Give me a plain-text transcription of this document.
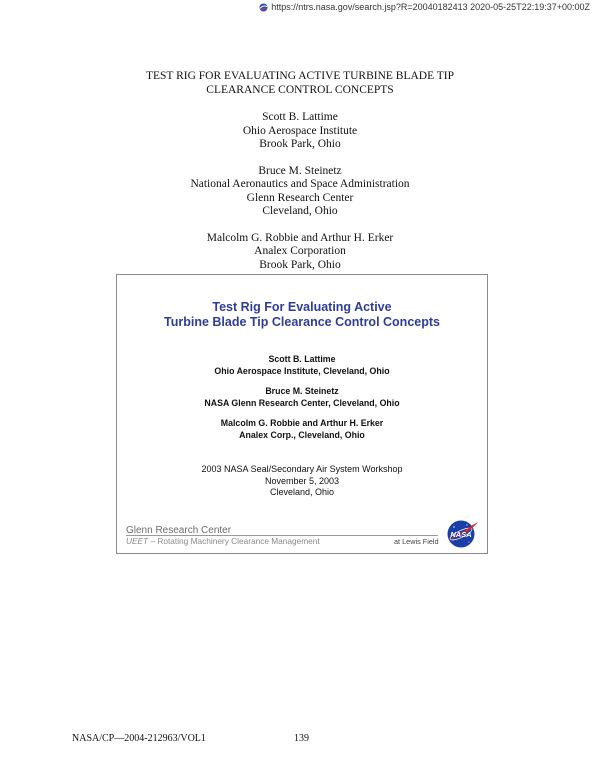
https://ntrs.nasa.gov/search.jsp?R=20040182413 2020-05-25T22:19:37+00:00Z
TEST RIG FOR EVALUATING ACTIVE TURBINE BLADE TIP
CLEARANCE CONTROL CONCEPTS
Scott B. Lattime
Ohio Aerospace Institute
Brook Park, Ohio
Bruce M. Steinetz
National Aeronautics and Space Administration
Glenn Research Center
Cleveland, Ohio
Malcolm G. Robbie and Arthur H. Erker
Analex Corporation
Brook Park, Ohio
Test Rig For Evaluating Active
Turbine Blade Tip Clearance Control Concepts
Scott B. Lattime
Ohio Aerospace Institute, Cleveland, Ohio
Bruce M. Steinetz
NASA Glenn Research Center, Cleveland, Ohio
Malcolm G. Robbie and Arthur H. Erker
Analex Corp., Cleveland, Ohio
2003 NASA Seal/Secondary Air System Workshop
November 5, 2003
Cleveland, Ohio
Glenn Research Center
UEET – Rotating Machinery Clearance Management	at Lewis Field
NASA
NASA/CP—2004-212963/VOL1	139
